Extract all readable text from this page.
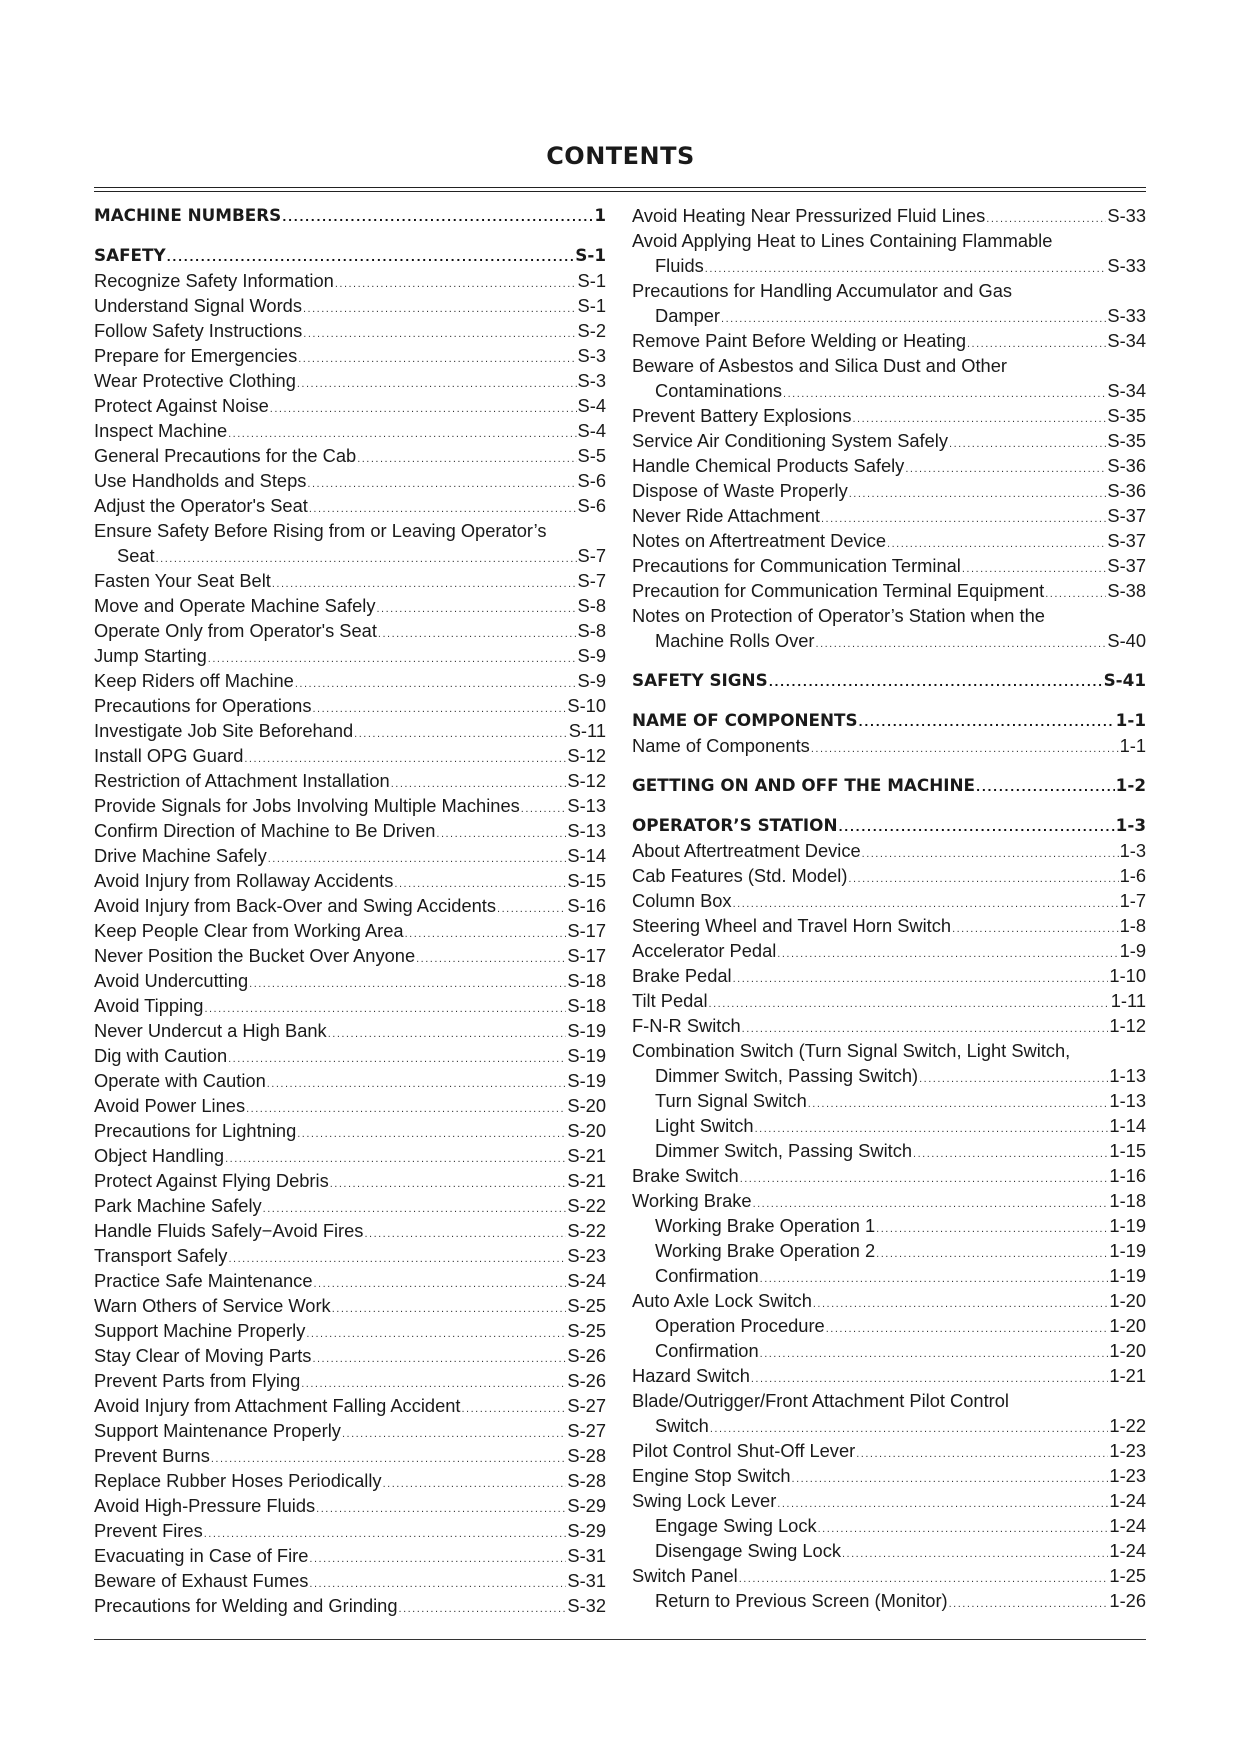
CONTENTS
MACHINE NUMBERS .....	1
SAFETY .....	S-1
Recognize Safety Information .....	S-1
Understand Signal Words .....	S-1
Follow Safety Instructions .....	S-2
Prepare for Emergencies .....	S-3
Wear Protective Clothing .....	S-3
Protect Against Noise .....	S-4
Inspect Machine .....	S-4
General Precautions for the Cab .....	S-5
Use Handholds and Steps .....	S-6
Adjust the Operator's Seat .....	S-6
Ensure Safety Before Rising from or Leaving Operator’s
Seat .....	S-7
Fasten Your Seat Belt .....	S-7
Move and Operate Machine Safely .....	S-8
Operate Only from Operator's Seat .....	S-8
Jump Starting .....	S-9
Keep Riders off Machine .....	S-9
Precautions for Operations .....	S-10
Investigate Job Site Beforehand .....	S-11
Install OPG Guard .....	S-12
Restriction of Attachment Installation .....	S-12
Provide Signals for Jobs Involving Multiple Machines .....	S-13
Confirm Direction of Machine to Be Driven .....	S-13
Drive Machine Safely .....	S-14
Avoid Injury from Rollaway Accidents .....	S-15
Avoid Injury from Back-Over and Swing Accidents .....	S-16
Keep People Clear from Working Area .....	S-17
Never Position the Bucket Over Anyone .....	S-17
Avoid Undercutting .....	S-18
Avoid Tipping .....	S-18
Never Undercut a High Bank .....	S-19
Dig with Caution .....	S-19
Operate with Caution .....	S-19
Avoid Power Lines .....	S-20
Precautions for Lightning .....	S-20
Object Handling .....	S-21
Protect Against Flying Debris .....	S-21
Park Machine Safely .....	S-22
Handle Fluids Safely−Avoid Fires .....	S-22
Transport Safely .....	S-23
Practice Safe Maintenance .....	S-24
Warn Others of Service Work .....	S-25
Support Machine Properly .....	S-25
Stay Clear of Moving Parts .....	S-26
Prevent Parts from Flying .....	S-26
Avoid Injury from Attachment Falling Accident .....	S-27
Support Maintenance Properly .....	S-27
Prevent Burns .....	S-28
Replace Rubber Hoses Periodically .....	S-28
Avoid High-Pressure Fluids .....	S-29
Prevent Fires .....	S-29
Evacuating in Case of Fire .....	S-31
Beware of Exhaust Fumes .....	S-31
Precautions for Welding and Grinding .....	S-32
Avoid Heating Near Pressurized Fluid Lines .....	S-33
Avoid Applying Heat to Lines Containing Flammable
Fluids .....	S-33
Precautions for Handling Accumulator and Gas
Damper .....	S-33
Remove Paint Before Welding or Heating .....	S-34
Beware of Asbestos and Silica Dust and Other
Contaminations .....	S-34
Prevent Battery Explosions .....	S-35
Service Air Conditioning System Safely .....	S-35
Handle Chemical Products Safely .....	S-36
Dispose of Waste Properly .....	S-36
Never Ride Attachment .....	S-37
Notes on Aftertreatment Device .....	S-37
Precautions for Communication Terminal .....	S-37
Precaution for Communication Terminal Equipment .....	S-38
Notes on Protection of Operator’s Station when the
Machine Rolls Over .....	S-40
SAFETY SIGNS .....	S-41
NAME OF COMPONENTS .....	1-1
Name of Components .....	1-1
GETTING ON AND OFF THE MACHINE .....	1-2
OPERATOR’S STATION .....	1-3
About Aftertreatment Device .....	1-3
Cab Features (Std. Model) .....	1-6
Column Box .....	1-7
Steering Wheel and Travel Horn Switch .....	1-8
Accelerator Pedal .....	1-9
Brake Pedal .....	1-10
Tilt Pedal .....	1-11
F-N-R Switch .....	1-12
Combination Switch (Turn Signal Switch, Light Switch,
Dimmer Switch, Passing Switch) .....	1-13
Turn Signal Switch .....	1-13
Light Switch .....	1-14
Dimmer Switch, Passing Switch .....	1-15
Brake Switch .....	1-16
Working Brake .....	1-18
Working Brake Operation 1 .....	1-19
Working Brake Operation 2 .....	1-19
Confirmation .....	1-19
Auto Axle Lock Switch .....	1-20
Operation Procedure .....	1-20
Confirmation .....	1-20
Hazard Switch .....	1-21
Blade/Outrigger/Front Attachment Pilot Control
Switch .....	1-22
Pilot Control Shut-Off Lever .....	1-23
Engine Stop Switch .....	1-23
Swing Lock Lever .....	1-24
Engage Swing Lock .....	1-24
Disengage Swing Lock .....	1-24
Switch Panel .....	1-25
Return to Previous Screen (Monitor) .....	1-26
